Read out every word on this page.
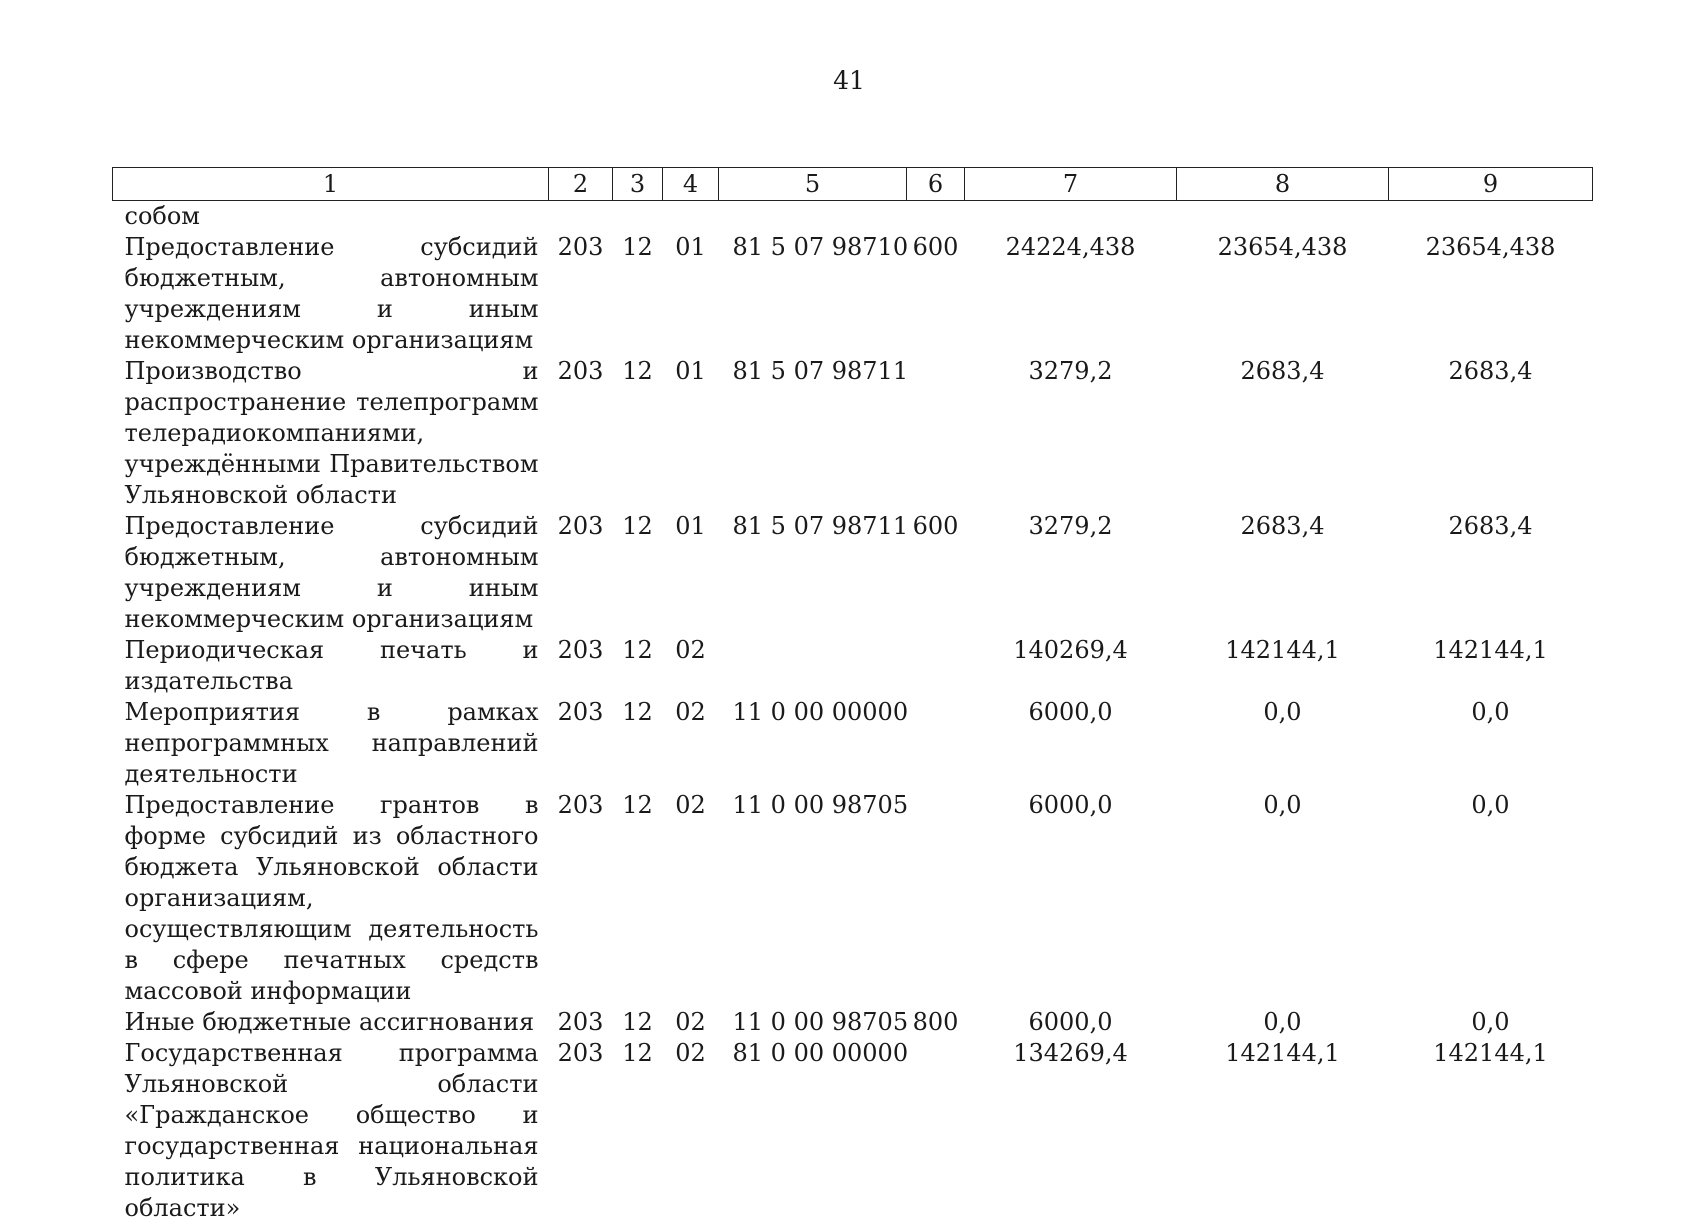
41
1	2	3	4	5	6	7	8	9
собом								
Предоставление субсидий бюджетным, автономным учреждениям и иным некоммерческим организациям	203	12	01	81 5 07 98710	600	24224,438	23654,438	23654,438
Производство и распространение телепрограмм телерадиокомпаниями, учреждёнными Правительством Ульяновской области	203	12	01	81 5 07 98711		3279,2	2683,4	2683,4
Предоставление субсидий бюджетным, автономным учреждениям и иным некоммерческим организациям	203	12	01	81 5 07 98711	600	3279,2	2683,4	2683,4
Периодическая печать и издательства	203	12	02			140269,4	142144,1	142144,1
Мероприятия в рамках непрограммных направлений деятельности	203	12	02	11 0 00 00000		6000,0	0,0	0,0
Предоставление грантов в форме субсидий из областного бюджета Ульяновской области организациям, осуществляющим деятельность в сфере печатных средств массовой информации	203	12	02	11 0 00 98705		6000,0	0,0	0,0
Иные бюджетные ассигнования	203	12	02	11 0 00 98705	800	6000,0	0,0	0,0
Государственная программа Ульяновской области «Гражданское общество и государственная национальная политика в Ульяновской области»	203	12	02	81 0 00 00000		134269,4	142144,1	142144,1
